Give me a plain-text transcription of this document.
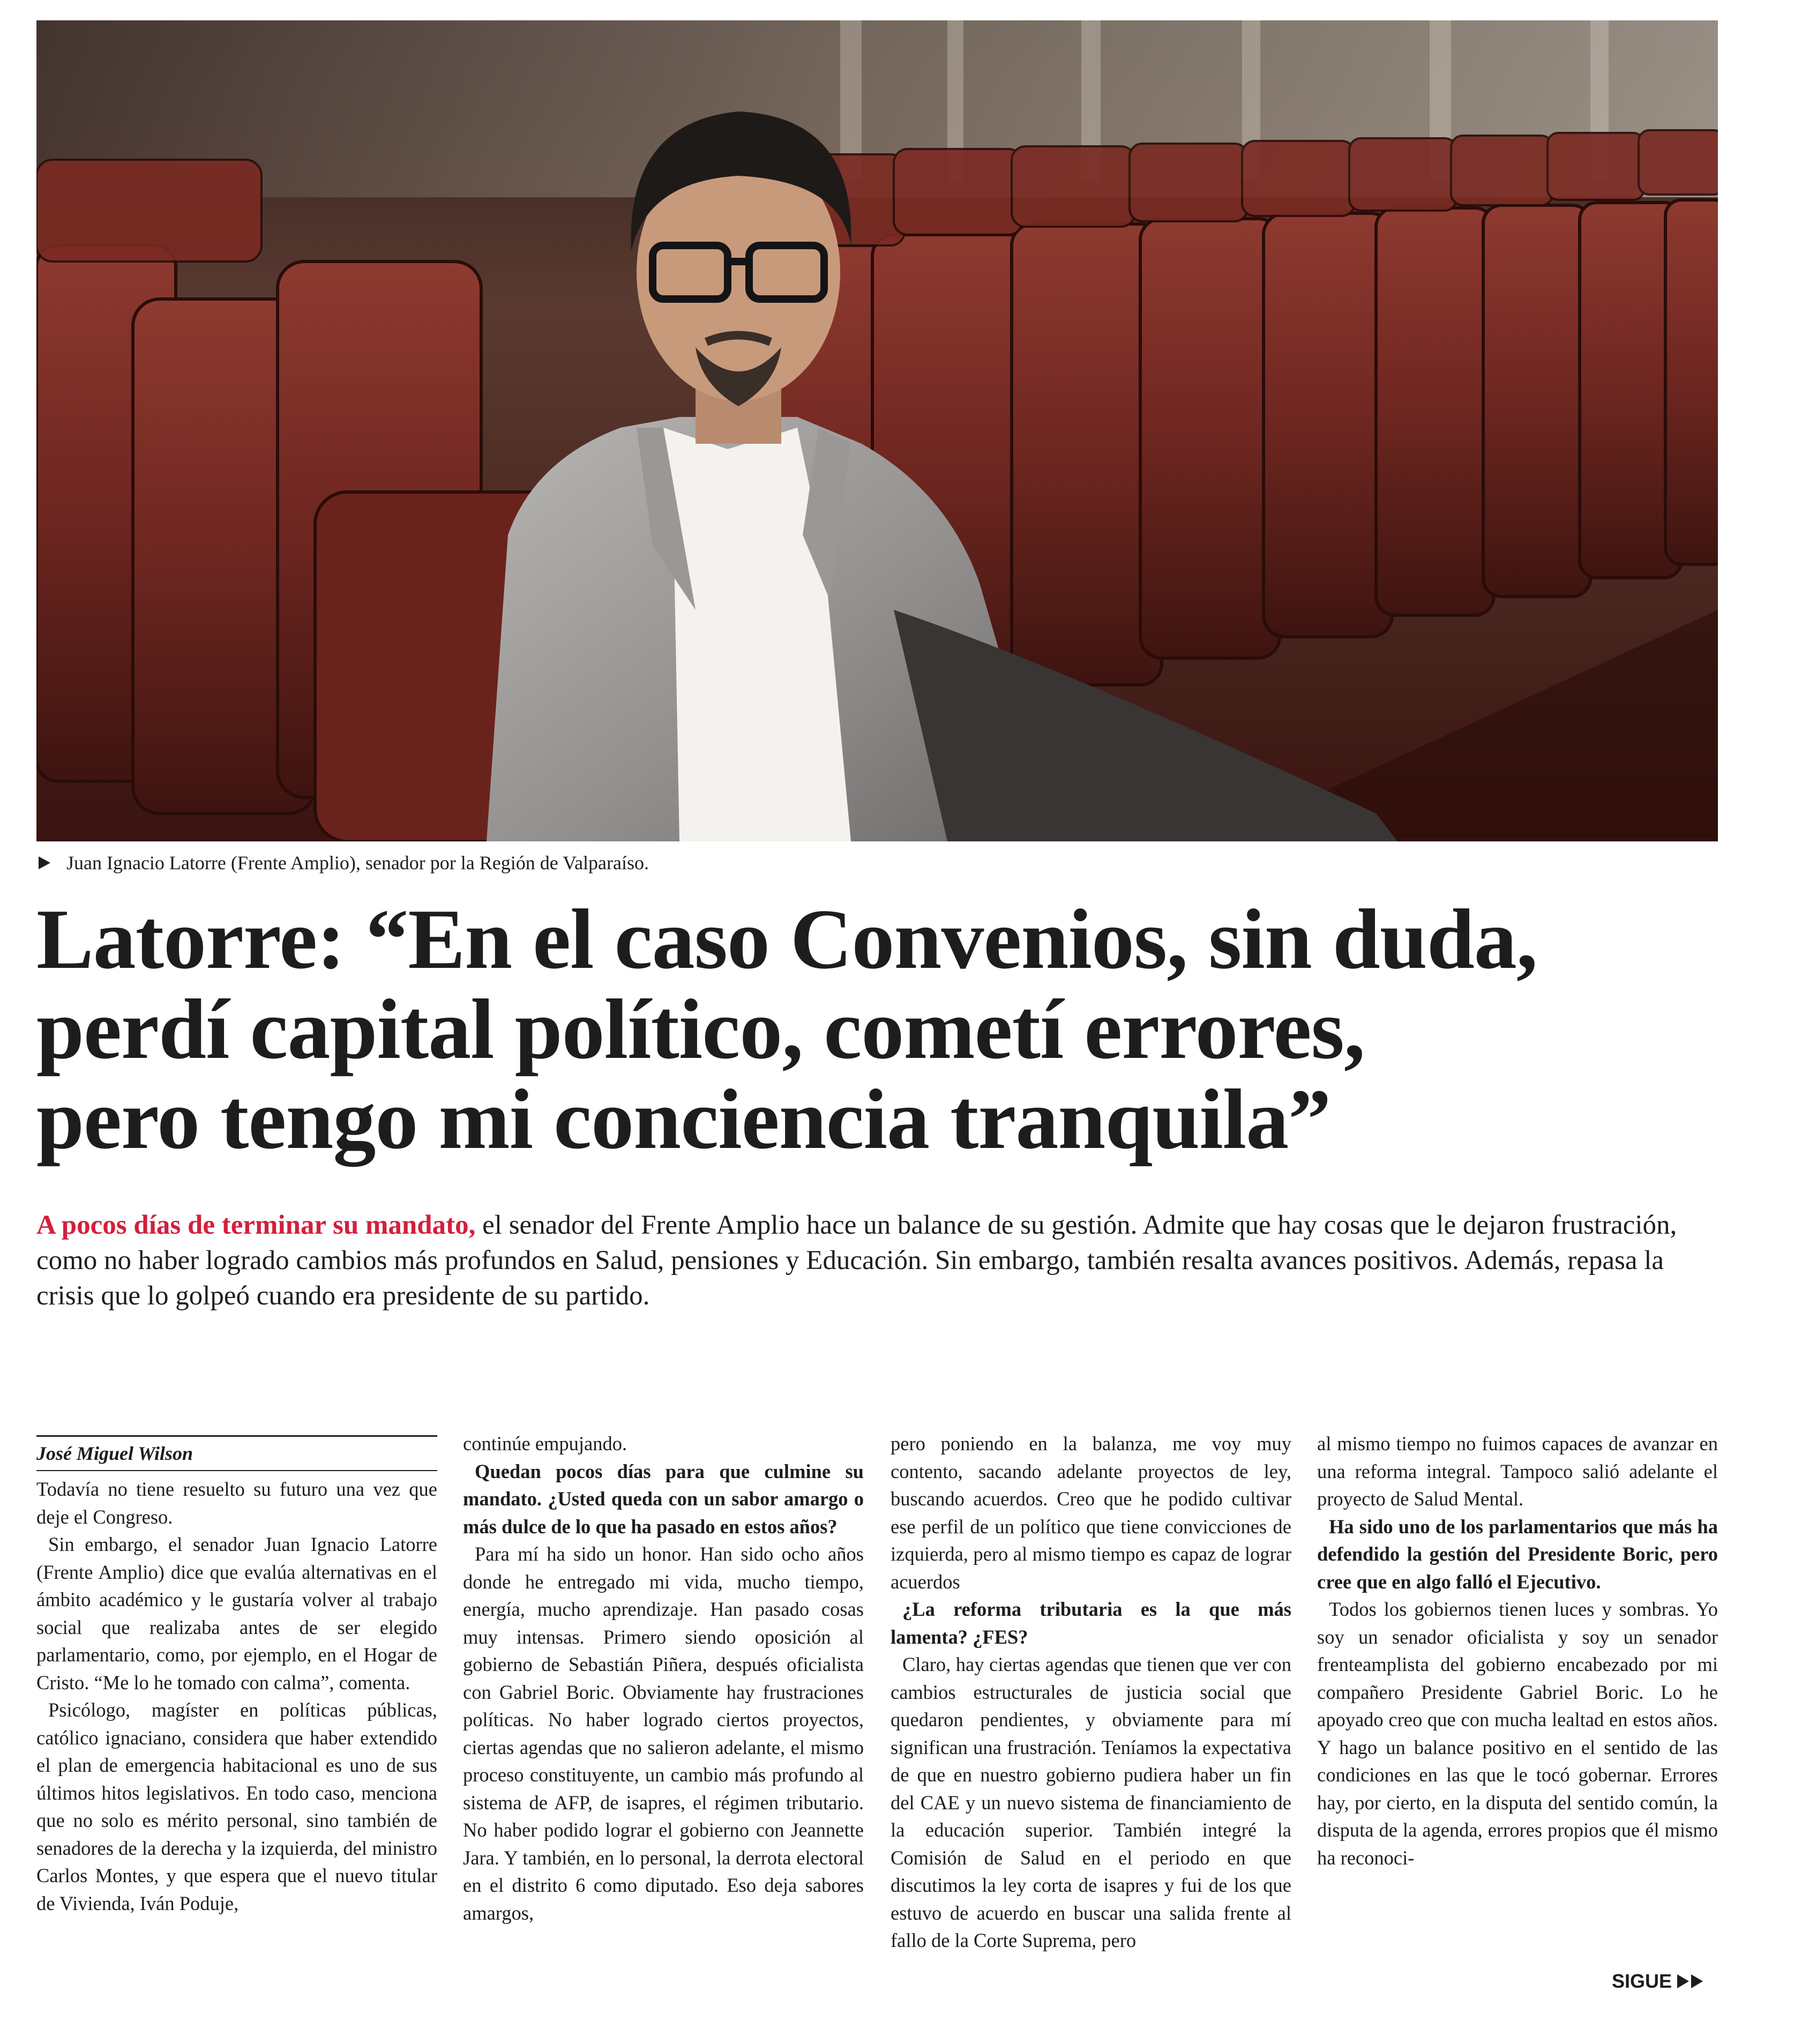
Juan Ignacio Latorre (Frente Amplio), senador por la Región de Valparaíso.
Latorre: “En el caso Convenios, sin duda,
perdí capital político, cometí errores,
pero tengo mi conciencia tranquila”
A pocos días de terminar su mandato, el senador del Frente Amplio hace un balance de su gestión. Admite que hay cosas que le dejaron frustración, como no haber logrado cambios más profundos en Salud, pensiones y Educación. Sin embargo, también resalta avances positivos. Además, repasa la crisis que lo golpeó cuando era presidente de su partido.
José Miguel Wilson

Todavía no tiene resuelto su futuro una vez que deje el Congreso.

Sin embargo, el senador Juan Ignacio Latorre (Frente Amplio) dice que evalúa alternativas en el ámbito académico y le gustaría volver al trabajo social que realizaba antes de ser elegido parlamentario, como, por ejemplo, en el Hogar de Cristo. “Me lo he tomado con calma”, comenta.

Psicólogo, magíster en políticas públicas, católico ignaciano, considera que haber extendido el plan de emergencia habitacional es uno de sus últimos hitos legislativos. En todo caso, menciona que no solo es mérito personal, sino también de senadores de la derecha y la izquierda, del ministro Carlos Montes, y que espera que el nuevo titular de Vivienda, Iván Poduje,

continúe empujando.

Quedan pocos días para que culmine su mandato. ¿Usted queda con un sabor amargo o más dulce de lo que ha pasado en estos años?

Para mí ha sido un honor. Han sido ocho años donde he entregado mi vida, mucho tiempo, energía, mucho aprendizaje. Han pasado cosas muy intensas. Primero siendo oposición al gobierno de Sebastián Piñera, después oficialista con Gabriel Boric. Obviamente hay frustraciones políticas. No haber logrado ciertos proyectos, ciertas agendas que no salieron adelante, el mismo proceso constituyente, un cambio más profundo al sistema de AFP, de isapres, el régimen tributario. No haber podido lograr el gobierno con Jeannette Jara. Y también, en lo personal, la derrota electoral en el distrito 6 como diputado. Eso deja sabores amargos,

pero poniendo en la balanza, me voy muy contento, sacando adelante proyectos de ley, buscando acuerdos. Creo que he podido cultivar ese perfil de un político que tiene convicciones de izquierda, pero al mismo tiempo es capaz de lograr acuerdos

¿La reforma tributaria es la que más lamenta? ¿FES?

Claro, hay ciertas agendas que tienen que ver con cambios estructurales de justicia social que quedaron pendientes, y obviamente para mí significan una frustración. Teníamos la expectativa de que en nuestro gobierno pudiera haber un fin del CAE y un nuevo sistema de financiamiento de la educación superior. También integré la Comisión de Salud en el periodo en que discutimos la ley corta de isapres y fui de los que estuvo de acuerdo en buscar una salida frente al fallo de la Corte Suprema, pero

al mismo tiempo no fuimos capaces de avanzar en una reforma integral. Tampoco salió adelante el proyecto de Salud Mental.

Ha sido uno de los parlamentarios que más ha defendido la gestión del Presidente Boric, pero cree que en algo falló el Ejecutivo.

Todos los gobiernos tienen luces y sombras. Yo soy un senador oficialista y soy un senador frenteamplista del gobierno encabezado por mi compañero Presidente Gabriel Boric. Lo he apoyado creo que con mucha lealtad en estos años. Y hago un balance positivo en el sentido de las condiciones en las que le tocó gobernar. Errores hay, por cierto, en la disputa del sentido común, la disputa de la agenda, errores propios que él mismo ha reconoci-

SIGUE
